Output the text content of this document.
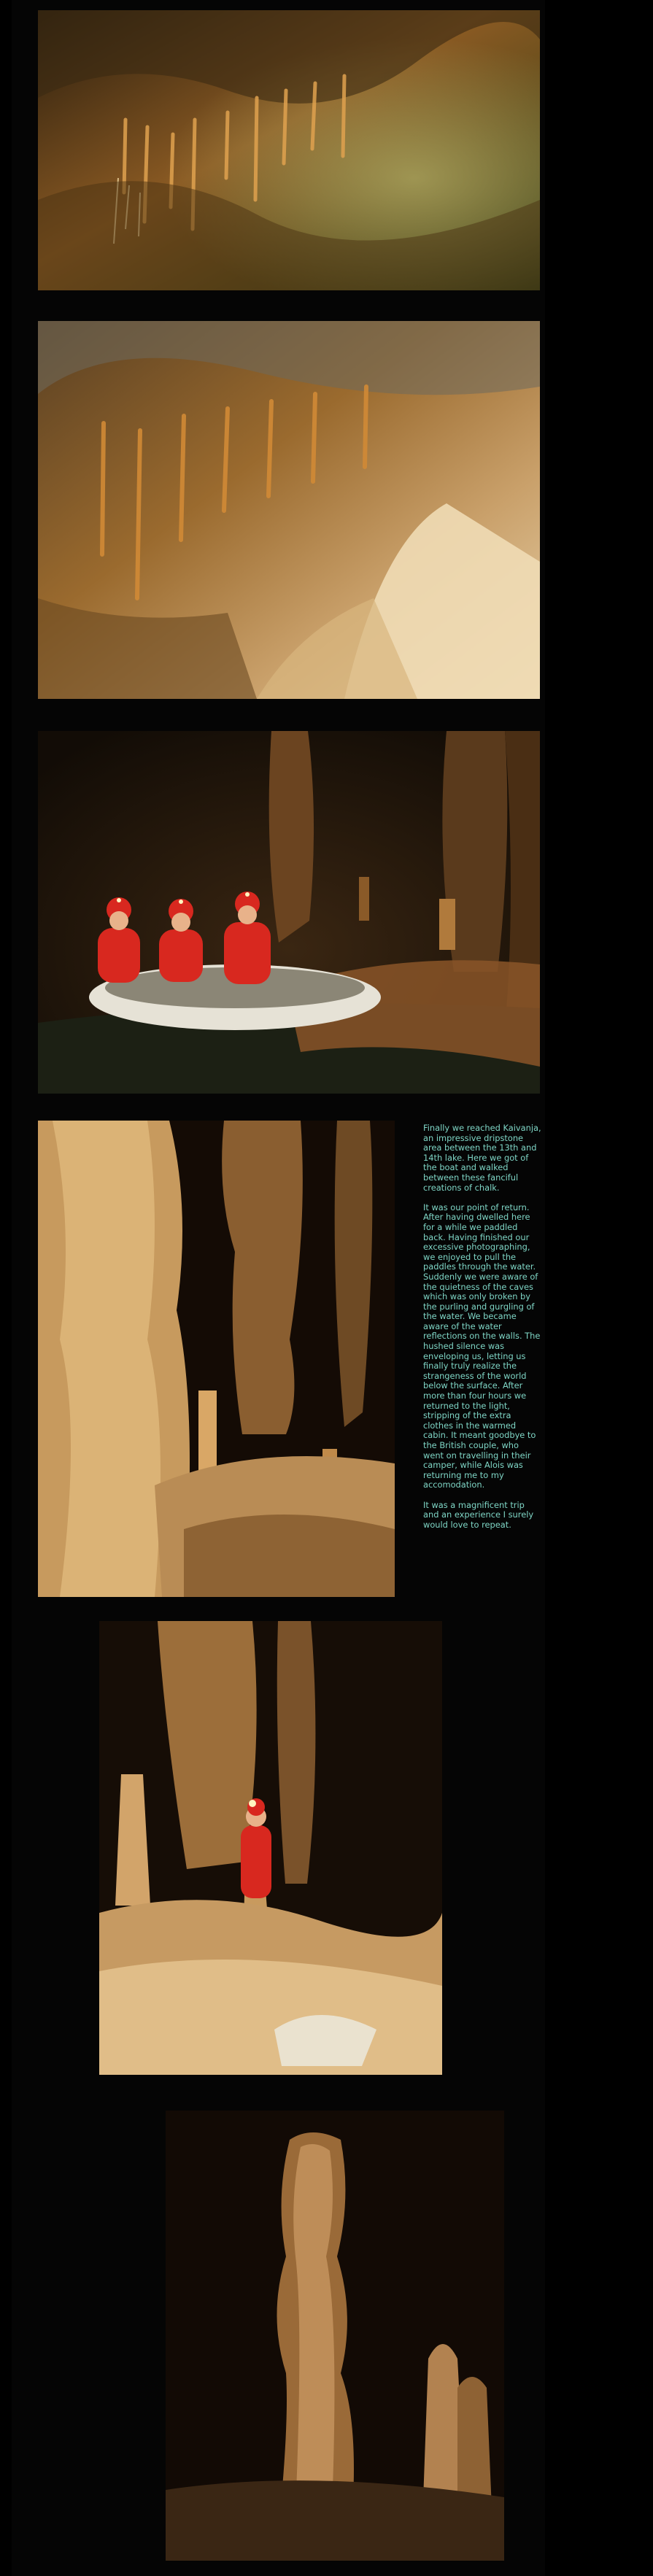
Finally we reached Kaivanja, an impressive dripstone area between the 13th and 14th lake. Here we got of the boat and walked between these fanciful creations of chalk.

It was our point of return. After having dwelled here for a while we paddled back. Having finished our excessive photographing, we enjoyed to pull the paddles through the water. Suddenly we were aware of the quietness of the caves which was only broken by the purling and gurgling of the water. We became aware of the water reflections on the walls. The hushed silence was enveloping us, letting us finally truly realize the strangeness of the world below the surface. After more than four hours we returned to the light, stripping of the extra clothes in the warmed cabin. It meant goodbye to the British couple, who went on travelling in their camper, while Alois was returning me to my accomodation.

It was a magnificent trip and an experience I surely would love to repeat.
